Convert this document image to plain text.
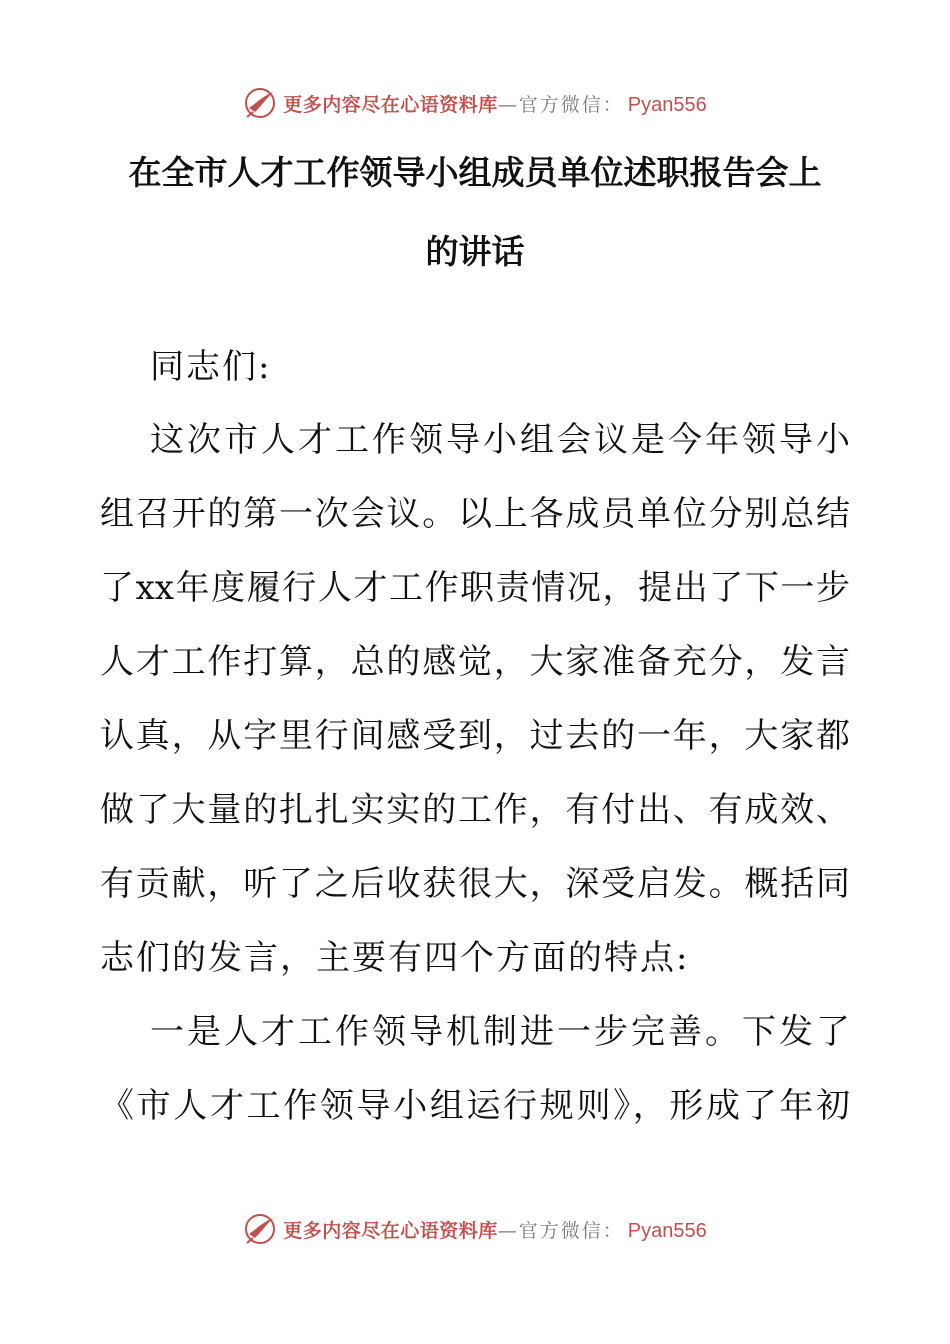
更多内容尽在心语资料库 —官方微信： Pyan556
在全市人才工作领导小组成员单位述职报告会上
的讲话
同志们:
这次市人才工作领导小组会议是今年领导小
组召开的第一次会议。以上各成员单位分别总结
了xx年度履行人才工作职责情况，提出了下一步
人才工作打算，总的感觉，大家准备充分，发言
认真，从字里行间感受到，过去的一年，大家都
做了大量的扎扎实实的工作，有付出、有成效、
有贡献，听了之后收获很大，深受启发。概括同
志们的发言，主要有四个方面的特点:
一是人才工作领导机制进一步完善。下发了
《市人才工作领导小组运行规则》，形成了年初
更多内容尽在心语资料库 —官方微信： Pyan556
